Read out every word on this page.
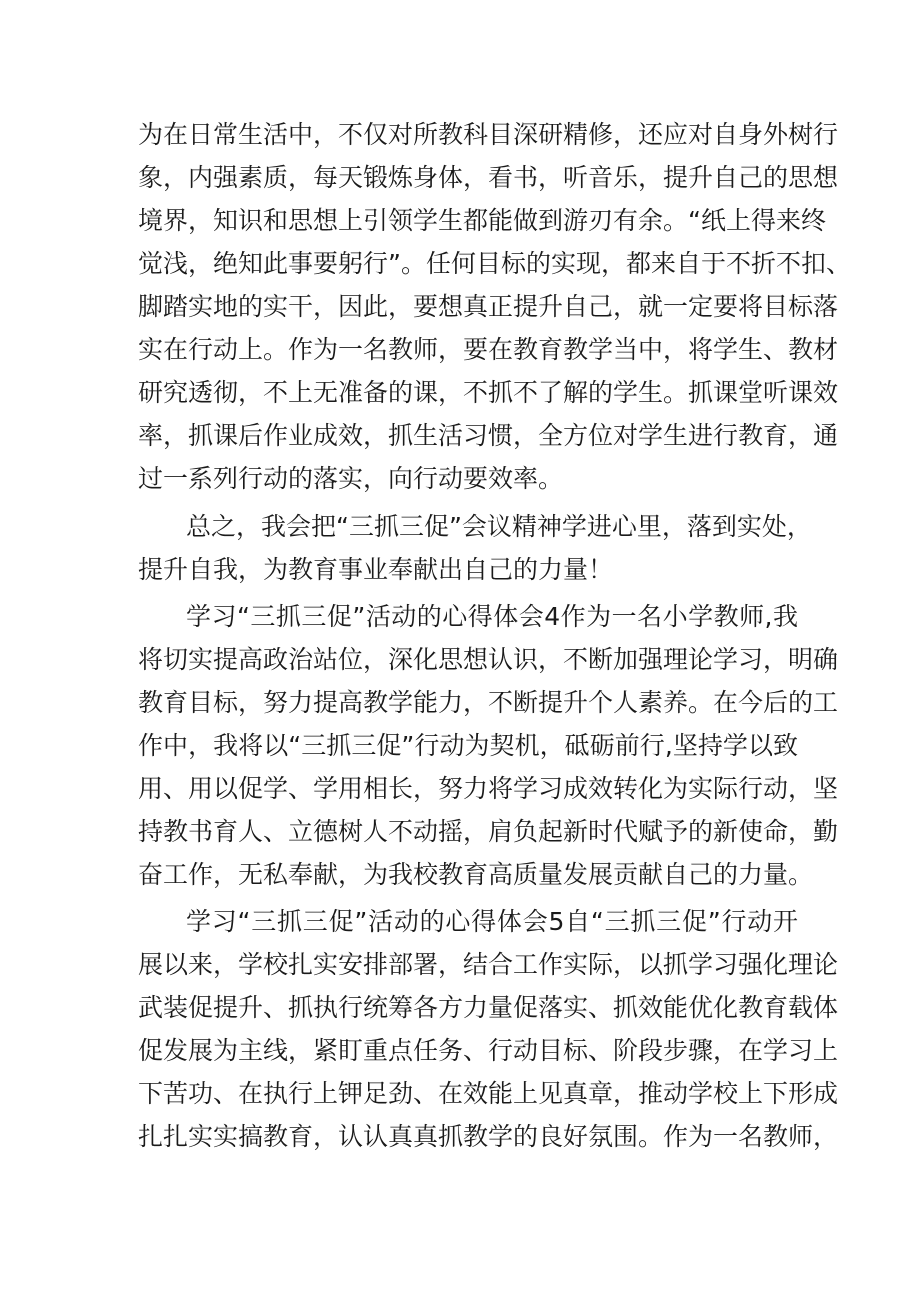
为在日常生活中，不仅对所教科目深研精修，还应对自身外树行
象，内强素质，每天锻炼身体，看书，听音乐，提升自己的思想
境界，知识和思想上引领学生都能做到游刃有余。“纸上得来终
觉浅，绝知此事要躬行”。任何目标的实现，都来自于不折不扣、
脚踏实地的实干，因此，要想真正提升自己，就一定要将目标落
实在行动上。作为一名教师，要在教育教学当中，将学生、教材
研究透彻，不上无准备的课，不抓不了解的学生。抓课堂听课效
率，抓课后作业成效，抓生活习惯，全方位对学生进行教育，通
过一系列行动的落实，向行动要效率。
总之，我会把“三抓三促”会议精神学进心里，落到实处，
提升自我，为教育事业奉献出自己的力量！
学习“三抓三促”活动的心得体会4作为一名小学教师,我
将切实提高政治站位，深化思想认识，不断加强理论学习，明确
教育目标，努力提高教学能力，不断提升个人素养。在今后的工
作中，我将以“三抓三促”行动为契机，砥砺前行,坚持学以致
用、用以促学、学用相长，努力将学习成效转化为实际行动，坚
持教书育人、立德树人不动摇，肩负起新时代赋予的新使命，勤
奋工作，无私奉献，为我校教育高质量发展贡献自己的力量。
学习“三抓三促”活动的心得体会5自“三抓三促”行动开
展以来，学校扎实安排部署，结合工作实际，以抓学习强化理论
武装促提升、抓执行统筹各方力量促落实、抓效能优化教育载体
促发展为主线，紧盯重点任务、行动目标、阶段步骤，在学习上
下苦功、在执行上钾足劲、在效能上见真章，推动学校上下形成
扎扎实实搞教育，认认真真抓教学的良好氛围。作为一名教师，
